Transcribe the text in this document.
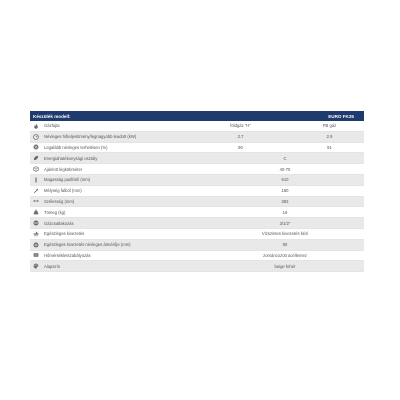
Készülék modell:	EURO FK25
Gázfajta	földgáz "H"	PB gáz
Névleges hőteljesítmény/legnagyobb leadott (kW)	2.7	2.9
Legalább névleges terhelésen (%)	90	91
Energiahatékonysági osztály	C
Ajánlott légköbméter	40-70
Magasság padlótól (mm)	610
Mélység falból (mm)	180
Szélesség (mm)	392
Tömeg (kg)	16
Gázcsatlakozás	3/1/2"
Egészleges kivezetés	Vízszintes kivezetés kézi
Egészleges kivezetés névleges átmérője (mm)	80
Hőmérsékletszabályozás	zománcozott acéllemez
Alapszín	beige fehér
